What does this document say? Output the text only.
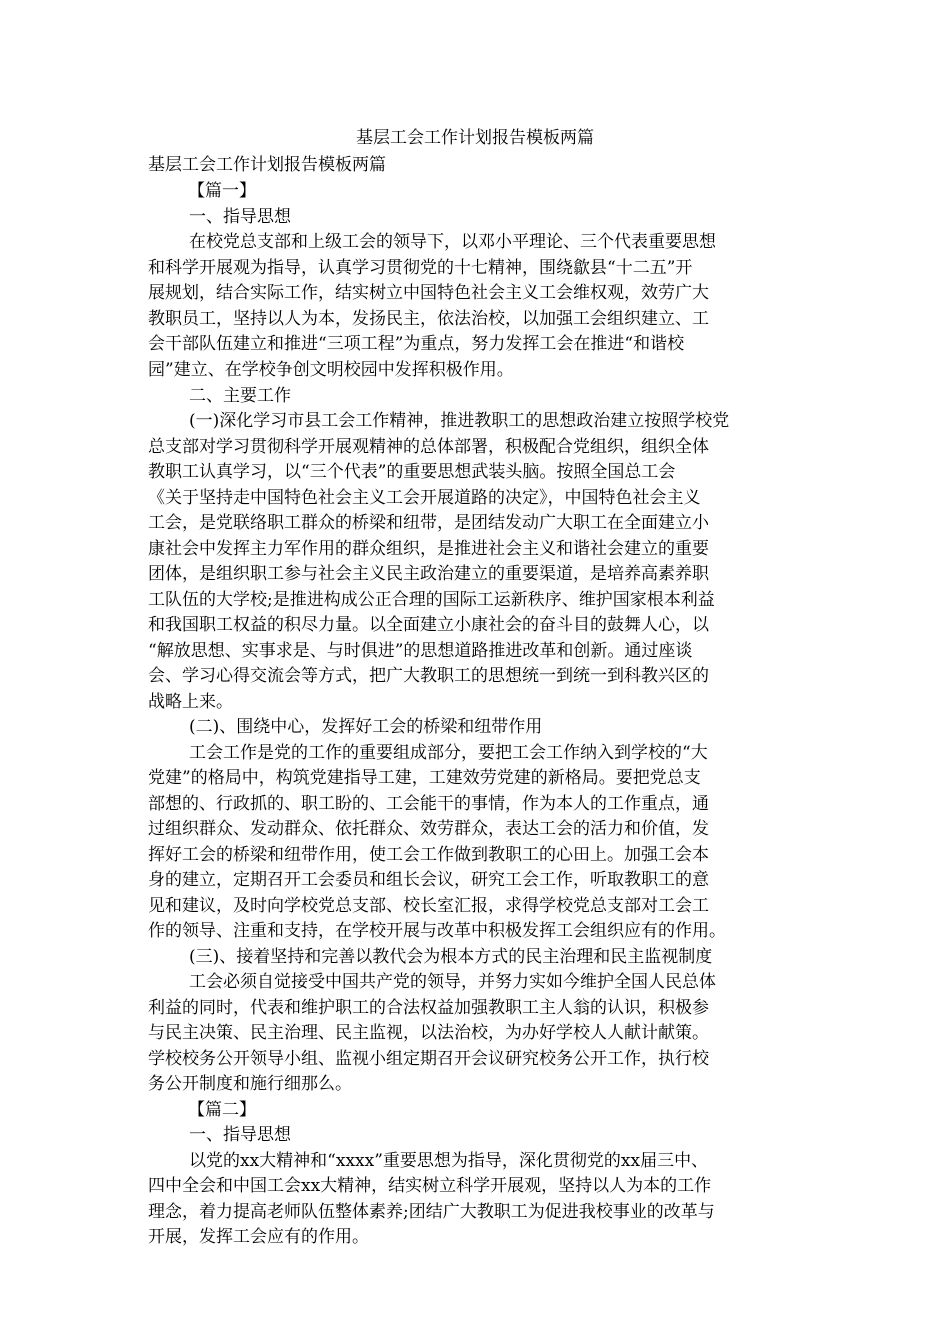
基层工会工作计划报告模板两篇

基层工会工作计划报告模板两篇

【篇一】

一、指导思想

在校党总支部和上级工会的领导下，以邓小平理论、三个代表重要思想

和科学开展观为指导，认真学习贯彻党的十七精神，围绕歙县“十二五”开

展规划，结合实际工作，结实树立中国特色社会主义工会维权观，效劳广大

教职员工，坚持以人为本，发扬民主，依法治校，以加强工会组织建立、工

会干部队伍建立和推进“三项工程”为重点，努力发挥工会在推进“和谐校

园”建立、在学校争创文明校园中发挥积极作用。

二、主要工作

(一)深化学习市县工会工作精神，推进教职工的思想政治建立按照学校党

总支部对学习贯彻科学开展观精神的总体部署，积极配合党组织，组织全体

教职工认真学习，以“三个代表”的重要思想武装头脑。按照全国总工会

《关于坚持走中国特色社会主义工会开展道路的决定》，中国特色社会主义

工会，是党联络职工群众的桥梁和纽带，是团结发动广大职工在全面建立小

康社会中发挥主力军作用的群众组织，是推进社会主义和谐社会建立的重要

团体，是组织职工参与社会主义民主政治建立的重要渠道，是培养高素养职

工队伍的大学校;是推进构成公正合理的国际工运新秩序、维护国家根本利益

和我国职工权益的积尽力量。以全面建立小康社会的奋斗目的鼓舞人心，以

“解放思想、实事求是、与时俱进”的思想道路推进改革和创新。通过座谈

会、学习心得交流会等方式，把广大教职工的思想统一到统一到科教兴区的

战略上来。

(二)、围绕中心，发挥好工会的桥梁和纽带作用

工会工作是党的工作的重要组成部分，要把工会工作纳入到学校的“大

党建”的格局中，构筑党建指导工建，工建效劳党建的新格局。要把党总支

部想的、行政抓的、职工盼的、工会能干的事情，作为本人的工作重点，通

过组织群众、发动群众、依托群众、效劳群众，表达工会的活力和价值，发

挥好工会的桥梁和纽带作用，使工会工作做到教职工的心田上。加强工会本

身的建立，定期召开工会委员和组长会议，研究工会工作，听取教职工的意

见和建议，及时向学校党总支部、校长室汇报，求得学校党总支部对工会工

作的领导、注重和支持，在学校开展与改革中积极发挥工会组织应有的作用。

(三)、接着坚持和完善以教代会为根本方式的民主治理和民主监视制度

工会必须自觉接受中国共产党的领导，并努力实如今维护全国人民总体

利益的同时，代表和维护职工的合法权益加强教职工主人翁的认识，积极参

与民主决策、民主治理、民主监视，以法治校，为办好学校人人献计献策。

学校校务公开领导小组、监视小组定期召开会议研究校务公开工作，执行校

务公开制度和施行细那么。

【篇二】

一、指导思想

以党的xx大精神和“xxxx”重要思想为指导，深化贯彻党的xx届三中、

四中全会和中国工会xx大精神，结实树立科学开展观，坚持以人为本的工作

理念，着力提高老师队伍整体素养;团结广大教职工为促进我校事业的改革与

开展，发挥工会应有的作用。
